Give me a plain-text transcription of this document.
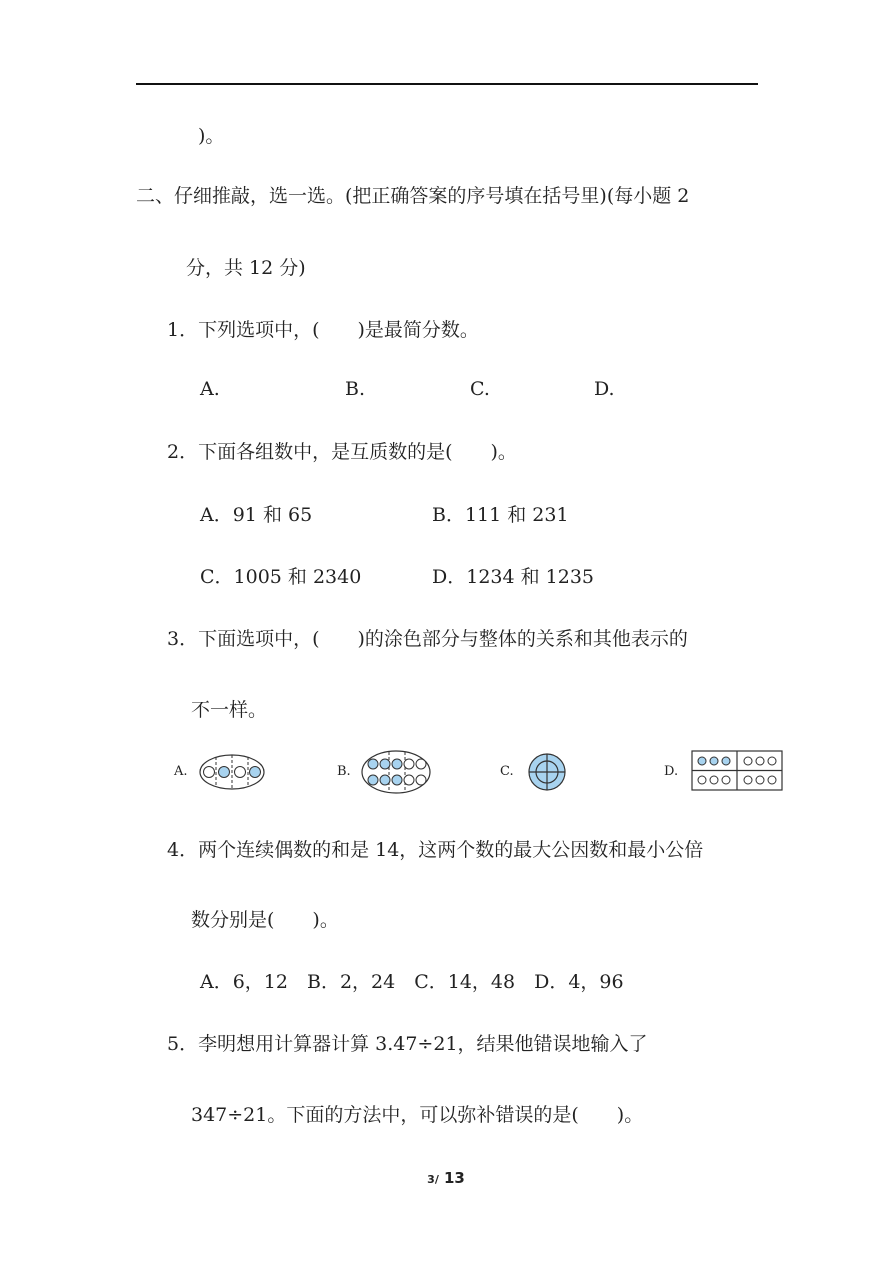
)。
二、仔细推敲，选一选。(把正确答案的序号填在括号里)(每小题 2
分，共 12 分)
1．下列选项中，(　　)是最简分数。
A.	B.	C.	D.
2．下面各组数中，是互质数的是(　　)。
A．91 和 65	B．111 和 231
C．1005 和 2340	D．1234 和 1235
3．下面选项中，(　　)的涂色部分与整体的关系和其他表示的
不一样。
A.	B.	C.	D.
4．两个连续偶数的和是 14，这两个数的最大公因数和最小公倍
数分别是(　　)。
A．6，12　B．2，24　C．14，48　D．4，96
5．李明想用计算器计算 3.47÷21，结果他错误地输入了
347÷21。下面的方法中，可以弥补错误的是(　　)。
3/ 13
